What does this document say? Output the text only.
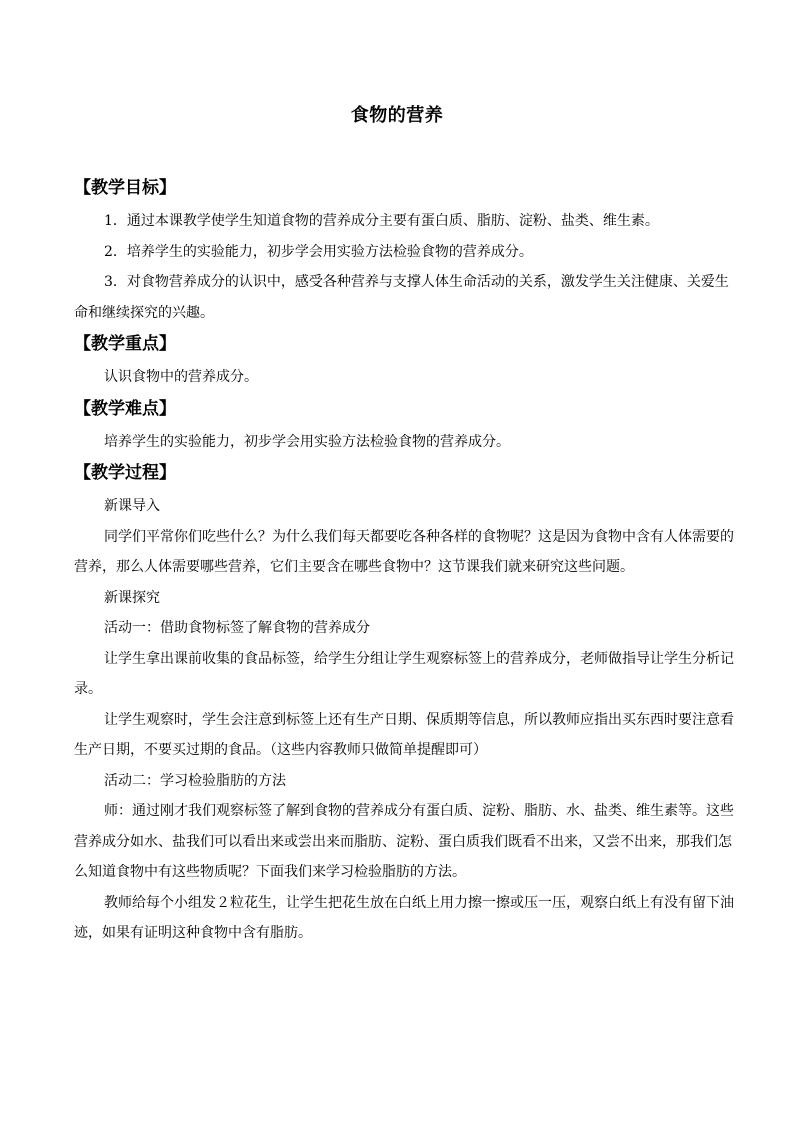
食物的营养
【教学目标】

1．通过本课教学使学生知道食物的营养成分主要有蛋白质、脂肪、淀粉、盐类、维生素。

2．培养学生的实验能力，初步学会用实验方法检验食物的营养成分。

3．对食物营养成分的认识中，感受各种营养与支撑人体生命活动的关系，激发学生关注健康、关爱生命和继续探究的兴趣。

【教学重点】

认识食物中的营养成分。

【教学难点】

培养学生的实验能力，初步学会用实验方法检验食物的营养成分。

【教学过程】

新课导入

同学们平常你们吃些什么？为什么我们每天都要吃各种各样的食物呢？这是因为食物中含有人体需要的营养，那么人体需要哪些营养，它们主要含在哪些食物中？这节课我们就来研究这些问题。

新课探究

活动一：借助食物标签了解食物的营养成分

让学生拿出课前收集的食品标签，给学生分组让学生观察标签上的营养成分，老师做指导让学生分析记录。

让学生观察时，学生会注意到标签上还有生产日期、保质期等信息，所以教师应指出买东西时要注意看生产日期，不要买过期的食品。（这些内容教师只做简单提醒即可）

活动二：学习检验脂肪的方法

师：通过刚才我们观察标签了解到食物的营养成分有蛋白质、淀粉、脂肪、水、盐类、维生素等。这些营养成分如水、盐我们可以看出来或尝出来而脂肪、淀粉、蛋白质我们既看不出来，又尝不出来，那我们怎么知道食物中有这些物质呢？下面我们来学习检验脂肪的方法。

教师给每个小组发２粒花生，让学生把花生放在白纸上用力擦一擦或压一压，观察白纸上有没有留下油迹，如果有证明这种食物中含有脂肪。
